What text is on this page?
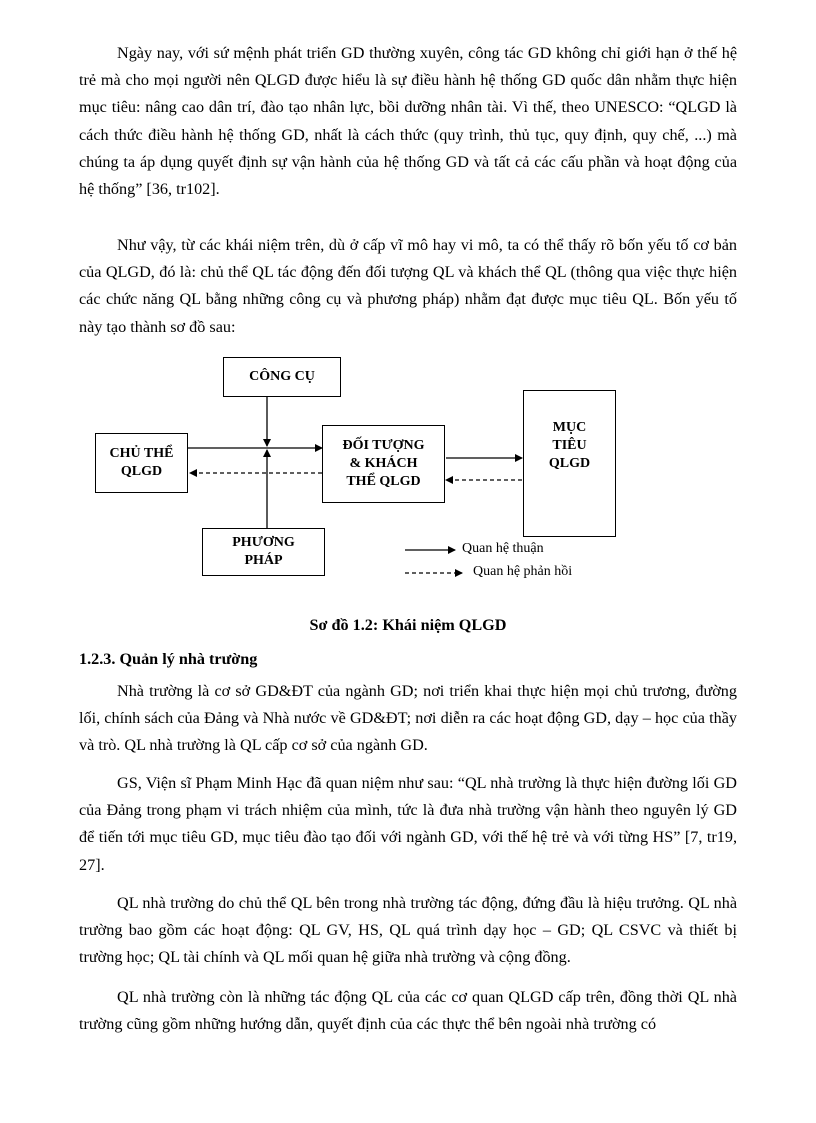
Ngày nay, với sứ mệnh phát triển GD thường xuyên, công tác GD không chỉ giới hạn ở thế hệ trẻ mà cho mọi người nên QLGD được hiểu là sự điều hành hệ thống GD quốc dân nhằm thực hiện mục tiêu: nâng cao dân trí, đào tạo nhân lực, bồi dưỡng nhân tài. Vì thế, theo UNESCO: “QLGD là cách thức điều hành hệ thống GD, nhất là cách thức (quy trình, thủ tục, quy định, quy chế, ...) mà chúng ta áp dụng quyết định sự vận hành của hệ thống GD và tất cả các cấu phần và hoạt động của hệ thống” [36, tr102].

Như vậy, từ các khái niệm trên, dù ở cấp vĩ mô hay vi mô, ta có thể thấy rõ bốn yếu tố cơ bản của QLGD, đó là: chủ thể QL tác động đến đối tượng QL và khách thể QL (thông qua việc thực hiện các chức năng QL bằng những công cụ và phương pháp) nhằm đạt được mục tiêu QL. Bốn yếu tố này tạo thành sơ đồ sau:

CÔNG CỤ
CHỦ THỂ
QLGD
ĐỐI TƯỢNG
& KHÁCH
THỂ QLGD
MỤC
TIÊU
QLGD
PHƯƠNG
PHÁP
Quan hệ thuận
Quan hệ phản hồi

Sơ đồ 1.2: Khái niệm QLGD

1.2.3. Quản lý nhà trường

Nhà trường là cơ sở GD&ĐT của ngành GD; nơi triển khai thực hiện mọi chủ trương, đường lối, chính sách của Đảng và Nhà nước về GD&ĐT; nơi diễn ra các hoạt động GD, dạy – học của thầy và trò. QL nhà trường là QL cấp cơ sở của ngành GD.

GS, Viện sĩ Phạm Minh Hạc đã quan niệm như sau: “QL nhà trường là thực hiện đường lối GD của Đảng trong phạm vi trách nhiệm của mình, tức là đưa nhà trường vận hành theo nguyên lý GD để tiến tới mục tiêu GD, mục tiêu đào tạo đối với ngành GD, với thế hệ trẻ và với từng HS” [7, tr19, 27].

QL nhà trường do chủ thể QL bên trong nhà trường tác động, đứng đầu là hiệu trưởng. QL nhà trường bao gồm các hoạt động: QL GV, HS, QL quá trình dạy học – GD; QL CSVC và thiết bị trường học; QL tài chính và QL mối quan hệ giữa nhà trường và cộng đồng.

QL nhà trường còn là những tác động QL của các cơ quan QLGD cấp trên, đồng thời QL nhà trường cũng gồm những hướng dẫn, quyết định của các thực thể bên ngoài nhà trường có
